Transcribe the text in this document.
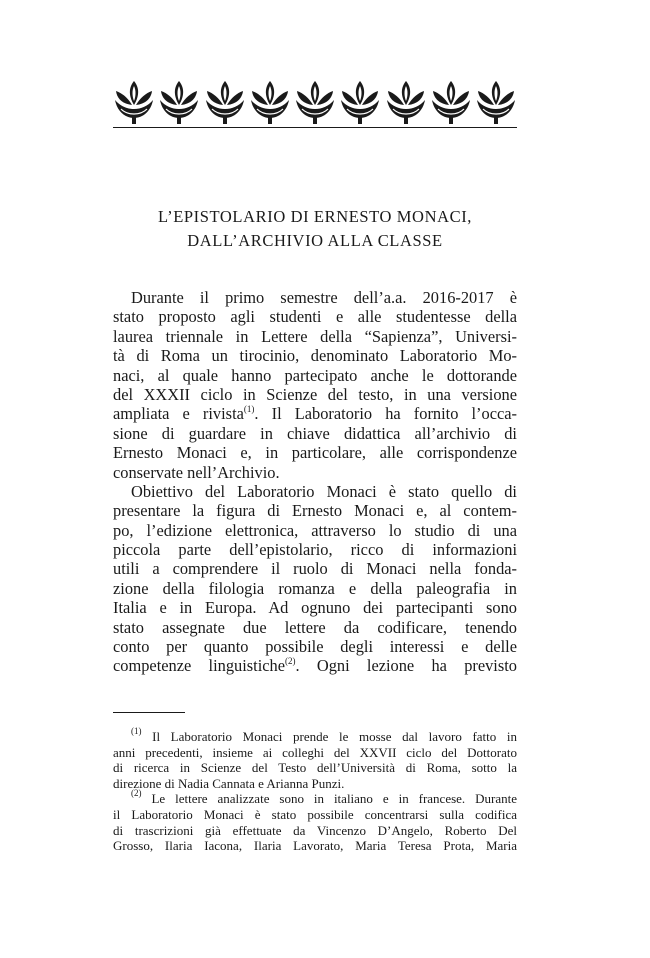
L’EPISTOLARIO DI ERNESTO MONACI,
DALL’ARCHIVIO ALLA CLASSE
Durante il primo semestre dell’a.a. 2016-2017 è
stato proposto agli studenti e alle studentesse della
laurea triennale in Lettere della “Sapienza”, Universi-
tà di Roma un tirocinio, denominato Laboratorio Mo-
naci, al quale hanno partecipato anche le dottorande
del XXXII ciclo in Scienze del testo, in una versione
ampliata e rivista$^{(1)}$. Il Laboratorio ha fornito l’occa-
sione di guardare in chiave didattica all’archivio di
Ernesto Monaci e, in particolare, alle corrispondenze
conservate nell’Archivio.
Obiettivo del Laboratorio Monaci è stato quello di
presentare la figura di Ernesto Monaci e, al contem-
po, l’edizione elettronica, attraverso lo studio di una
piccola parte dell’epistolario, ricco di informazioni
utili a comprendere il ruolo di Monaci nella fonda-
zione della filologia romanza e della paleografia in
Italia e in Europa. Ad ognuno dei partecipanti sono
stato assegnate due lettere da codificare, tenendo
conto per quanto possibile degli interessi e delle
competenze linguistiche$^{(2)}$. Ogni lezione ha previsto
$^{(1)}$ Il Laboratorio Monaci prende le mosse dal lavoro fatto in
anni precedenti, insieme ai colleghi del XXVII ciclo del Dottorato
di ricerca in Scienze del Testo dell’Università di Roma, sotto la
direzione di Nadia Cannata e Arianna Punzi.
$^{(2)}$ Le lettere analizzate sono in italiano e in francese. Durante
il Laboratorio Monaci è stato possibile concentrarsi sulla codifica
di trascrizioni già effettuate da Vincenzo D’Angelo, Roberto Del
Grosso, Ilaria Iacona, Ilaria Lavorato, Maria Teresa Prota, Maria
